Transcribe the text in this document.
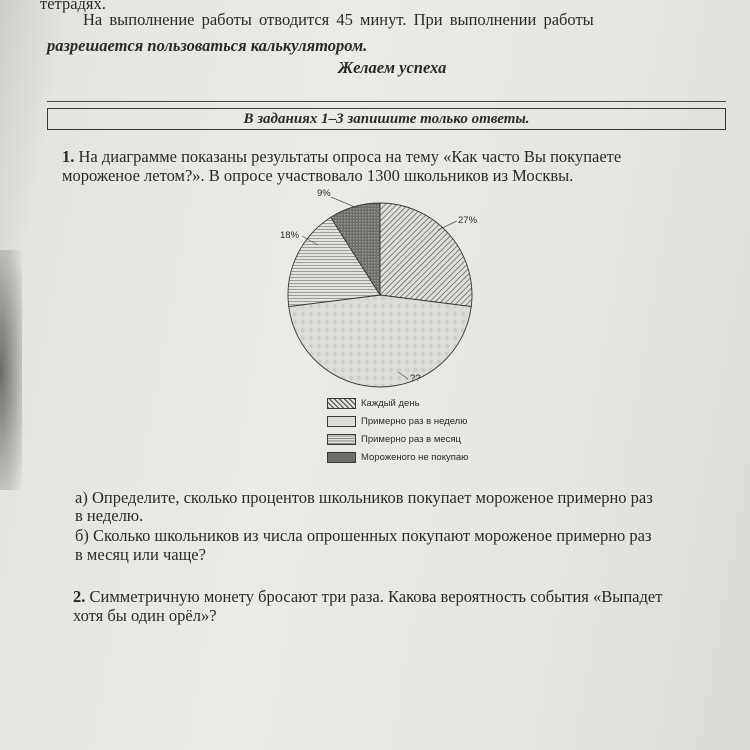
тетрадях.
На выполнение работы отводится 45 минут. При выполнении работы
разрешается пользоваться калькулятором.
Желаем успеха
В заданиях 1–3 запишите только ответы.
1. На диаграмме показаны результаты опроса на тему «Как часто Вы покупаете
мороженое летом?». В опросе участвовало 1300 школьников из Москвы.
9%
27%
18%
??
Каждый день
Примерно раз в неделю
Примерно раз в месяц
Мороженого не покупаю
а) Определите, сколько процентов школьников покупает мороженое примерно раз
в неделю.
б) Сколько школьников из числа опрошенных покупают мороженое примерно раз
в месяц или чаще?
2. Симметричную монету бросают три раза. Какова вероятность события «Выпадет
хотя бы один орёл»?
